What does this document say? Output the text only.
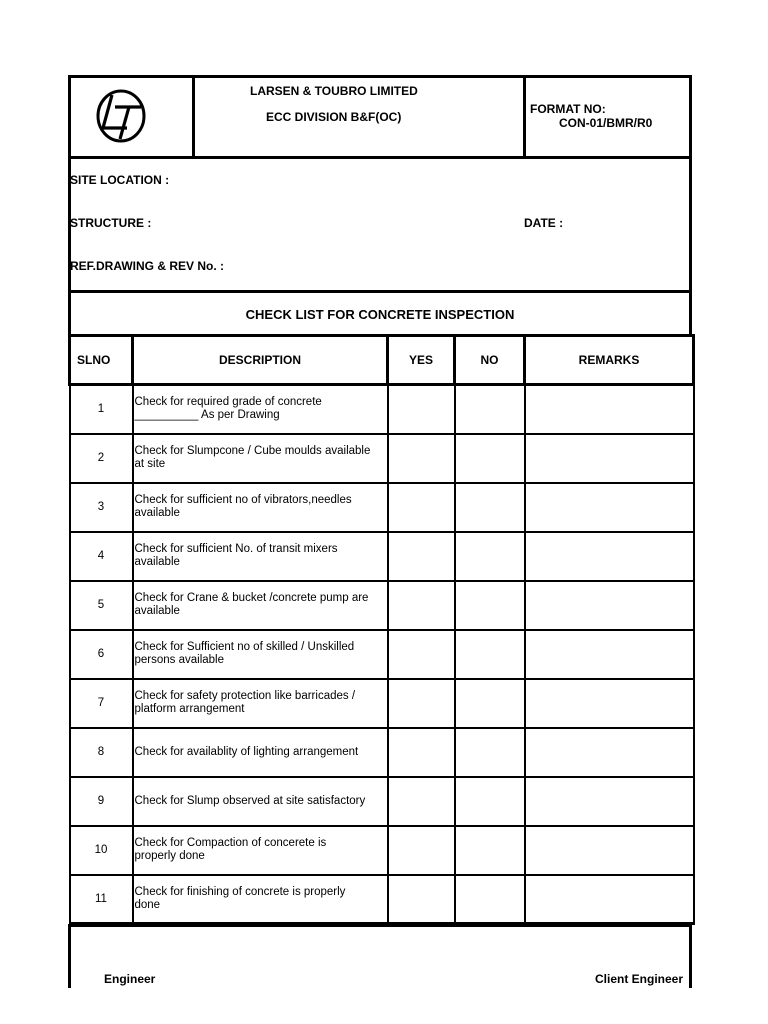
LARSEN & TOUBRO LIMITED
ECC DIVISION B&F(OC)
FORMAT NO:
CON-01/BMR/R0
SITE LOCATION :
STRUCTURE :	DATE :
REF.DRAWING & REV No. :
CHECK LIST FOR CONCRETE INSPECTION
SLNO	DESCRIPTION	YES	NO	REMARKS
1	Check for required grade of concrete
__________ As per Drawing			

2	Check for Slumpcone / Cube moulds available
at site			

3	Check for sufficient no of vibrators,needles
available			

4	Check for sufficient No. of transit mixers
available			

5	Check for Crane & bucket /concrete pump are
available			

6	Check for Sufficient no of skilled / Unskilled
persons available			

7	Check for safety protection like barricades /
platform arrangement			

8	Check for availablity of lighting arrangement			

9	Check for Slump observed at site satisfactory			

10	Check for Compaction of concerete is
properly done			

11	Check for finishing of concrete is properly
done			

Engineer	Client Engineer
